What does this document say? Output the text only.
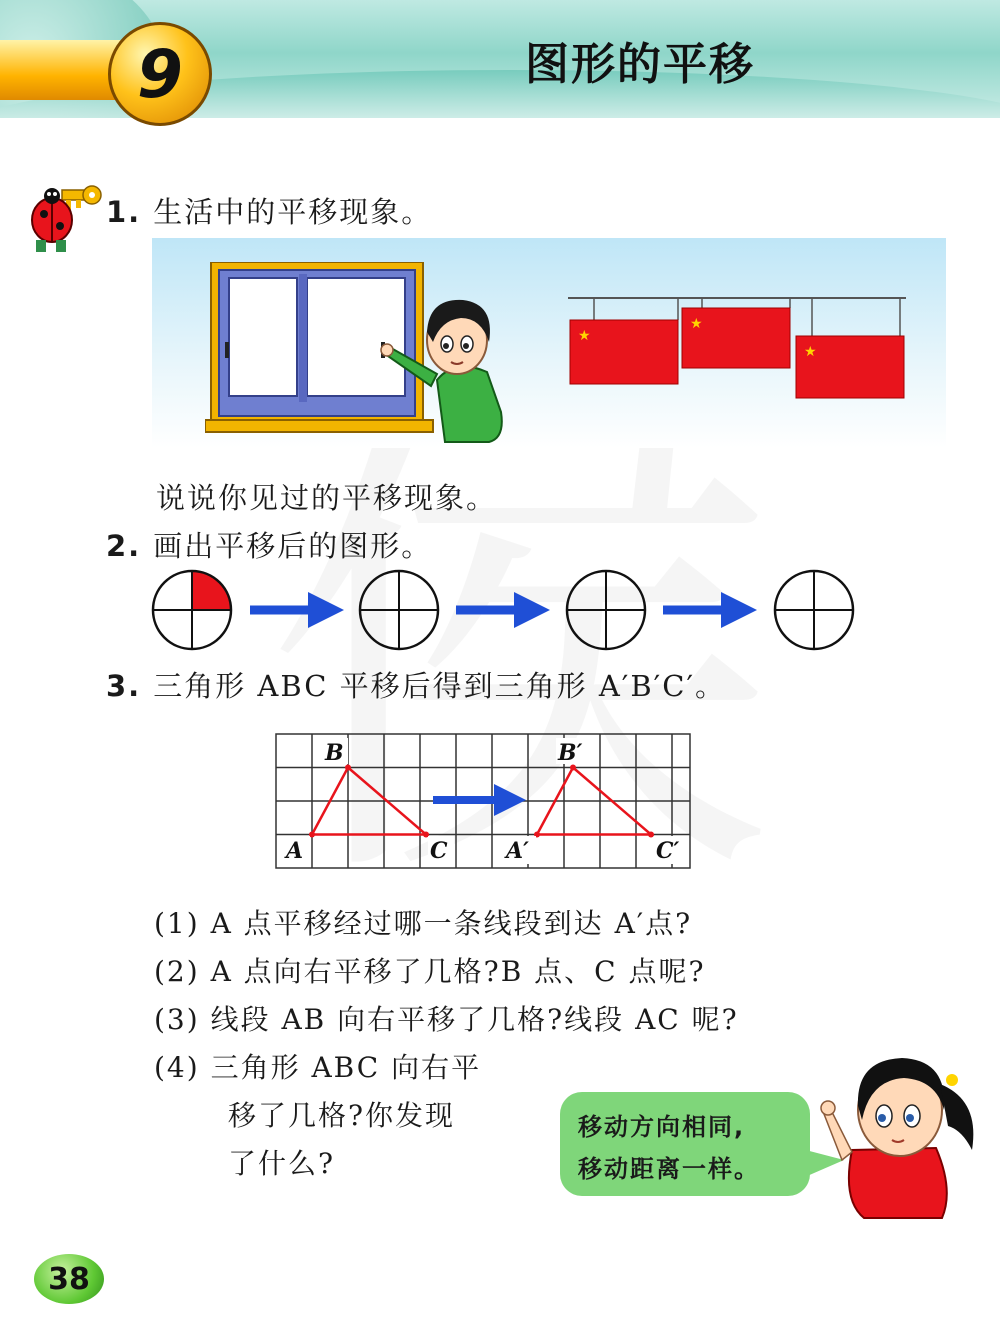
9	图形的平移
1. 生活中的平移现象。
★
★
★
说说你见过的平移现象。
2. 画出平移后的图形。
3. 三角形 ABC 平移后得到三角形 A′B′C′。
B
A	C
B′
A′	C′
(1) A 点平移经过哪一条线段到达 A′点?
(2) A 点向右平移了几格?B 点、C 点呢?
(3) 线段 AB 向右平移了几格?线段 AC 呢?
(4) 三角形 ABC 向右平
移了几格?你发现
了什么?
移动方向相同,
移动距离一样。
38
